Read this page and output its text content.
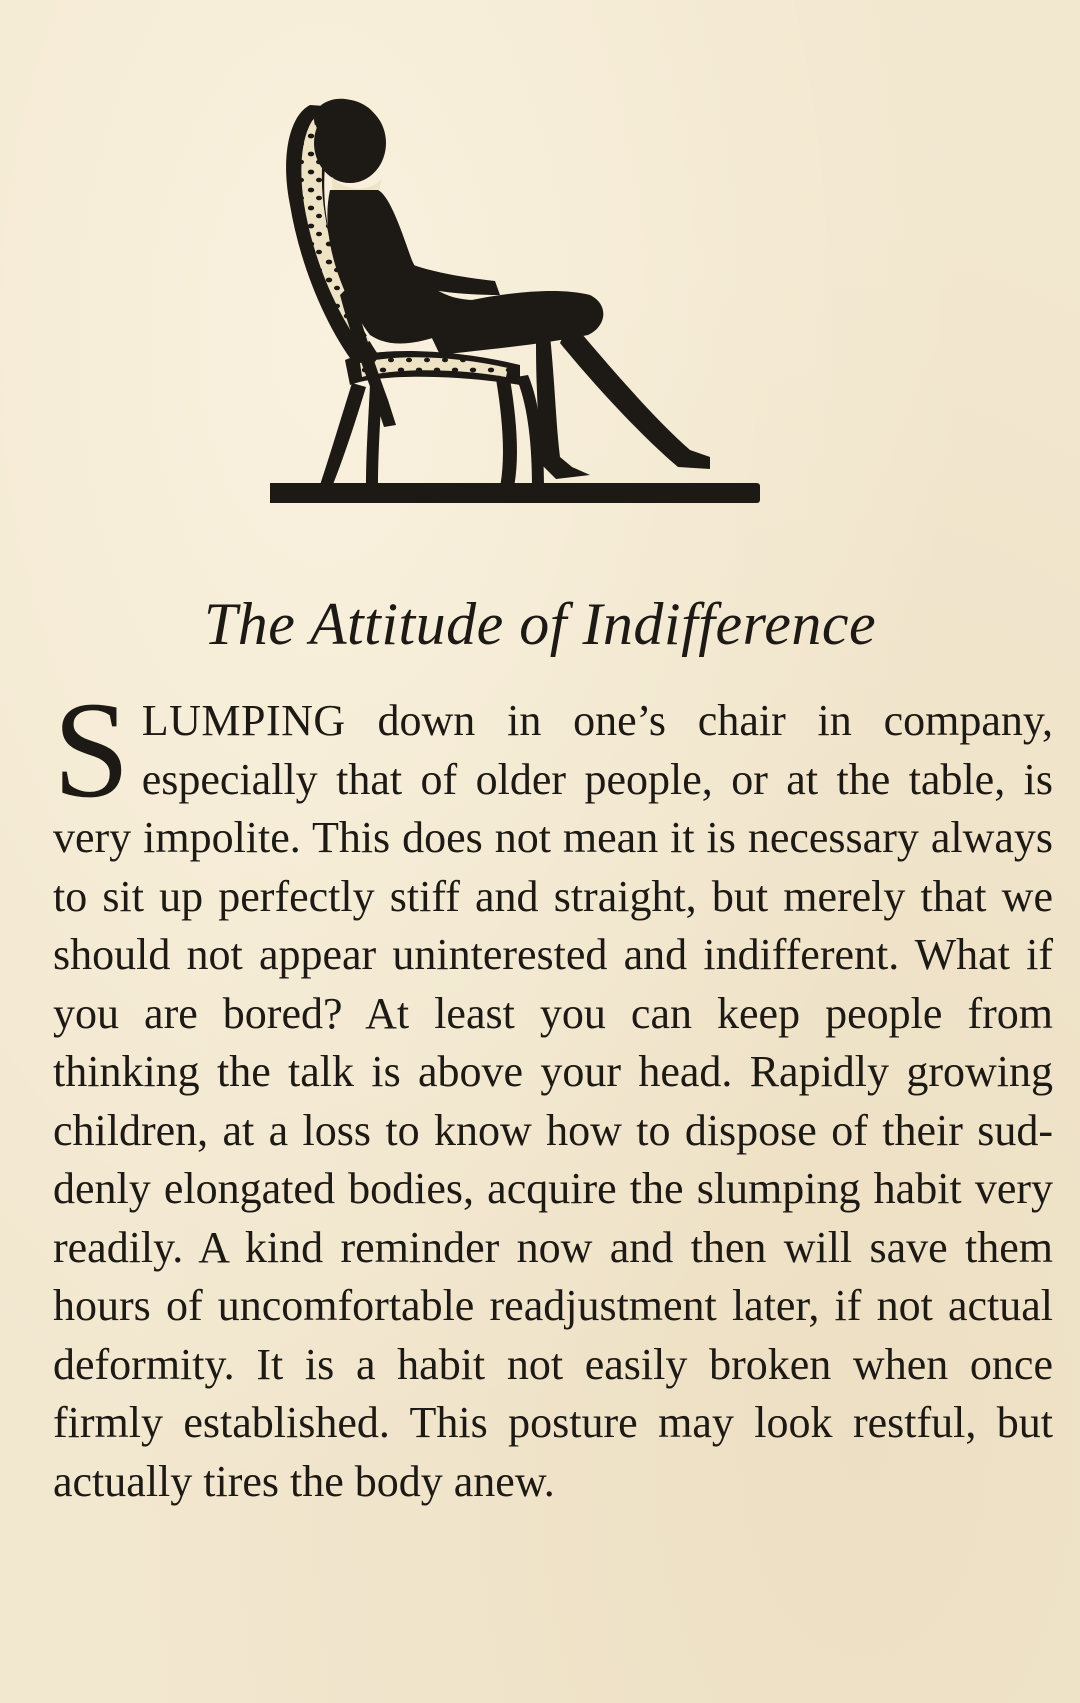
The Attitude of Indifference

SLUMPING down in one’s chair in company, especially that of older people, or at the table, is very impolite. This does not mean it is necessary always to sit up perfectly stiff and straight, but merely that we should not appear uninterested and indifferent. What if you are bored? At least you can keep people from thinking the talk is above your head. Rapidly growing children, at a loss to know how to dispose of their suddenly elongated bodies, acquire the slumping habit very readily. A kind reminder now and then will save them hours of uncomfortable readjustment later, if not actual deformity. It is a habit not easily broken when once firmly established. This posture may look restful, but actually tires the body anew.
